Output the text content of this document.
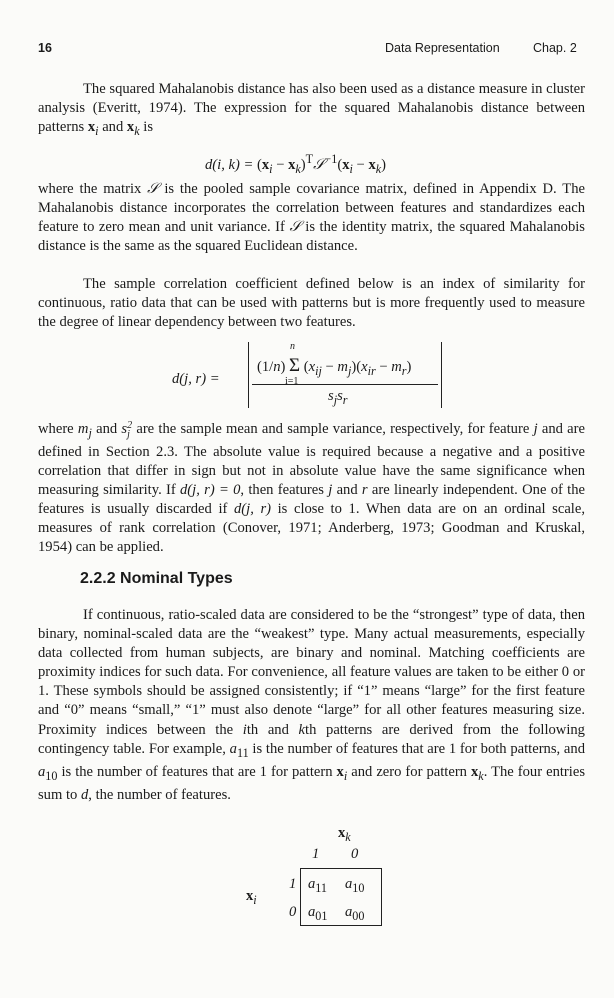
16	Data Representation	Chap. 2

The squared Mahalanobis distance has also been used as a distance measure in cluster analysis (Everitt, 1974). The expression for the squared Mahalanobis distance between patterns $x_i$ and $x_k$ is

d(i, $k) = (x_i$ − $x_k)^T𝒮^{-1}(x_i - x_k)$

where the matrix 𝒮 is the pooled sample covariance matrix, defined in Appendix D. The Mahalanobis distance incorporates the correlation between features and standardizes each feature to zero mean and unit variance. If 𝒮 is the identity matrix, the squared Mahalanobis distance is the same as the squared Euclidean distance.

The sample correlation coefficient defined below is an index of similarity for continuous, ratio data that can be used with patterns but is more frequently used to measure the degree of linear dependency between two features.

d(j, r) =
n
(1/n) Σ $(x_{ij} - m_j)(x_{ir} - m_r)$
i=1
$s_js_r$

where $m_j$ and s2
j are the sample mean and sample variance, respectively, for feature j and are defined in Section 2.3. The absolute value is required because a negative and a positive correlation that differ in sign but not in absolute value have the same significance when measuring similarity. If d(j, r) = 0, then features j and r are linearly independent. One of the features is usually discarded if d(j, r) is close to 1. When data are on an ordinal scale, measures of rank correlation (Conover, 1971; Anderberg, 1973; Goodman and Kruskal, 1954) can be applied.

2.2.2 Nominal Types

If continuous, ratio-scaled data are considered to be the “strongest” type of data, then binary, nominal-scaled data are the “weakest” type. Many actual measurements, especially data collected from human subjects, are binary and nominal. Matching coefficients are proximity indices for such data. For convenience, all feature values are taken to be either 0 or 1. These symbols should be assigned consistently; if “1” means “large” for the first feature and “0” means “small,” “1” must also denote “large” for all other features measuring size. Proximity indices between the ith and kth patterns are derived from the following contingency table. For example, $a_{11}$ is the number of features that are 1 for both patterns, and $a_{10}$ is the number of features that are 1 for pattern $x_i$ and zero for pattern $x_k$. The four entries sum to d, the number of features.

$x_k$
1 0
$x_i$
1
0
$a_{11}$ $a_{10}$
$a_{01}$ $a_{00}$
